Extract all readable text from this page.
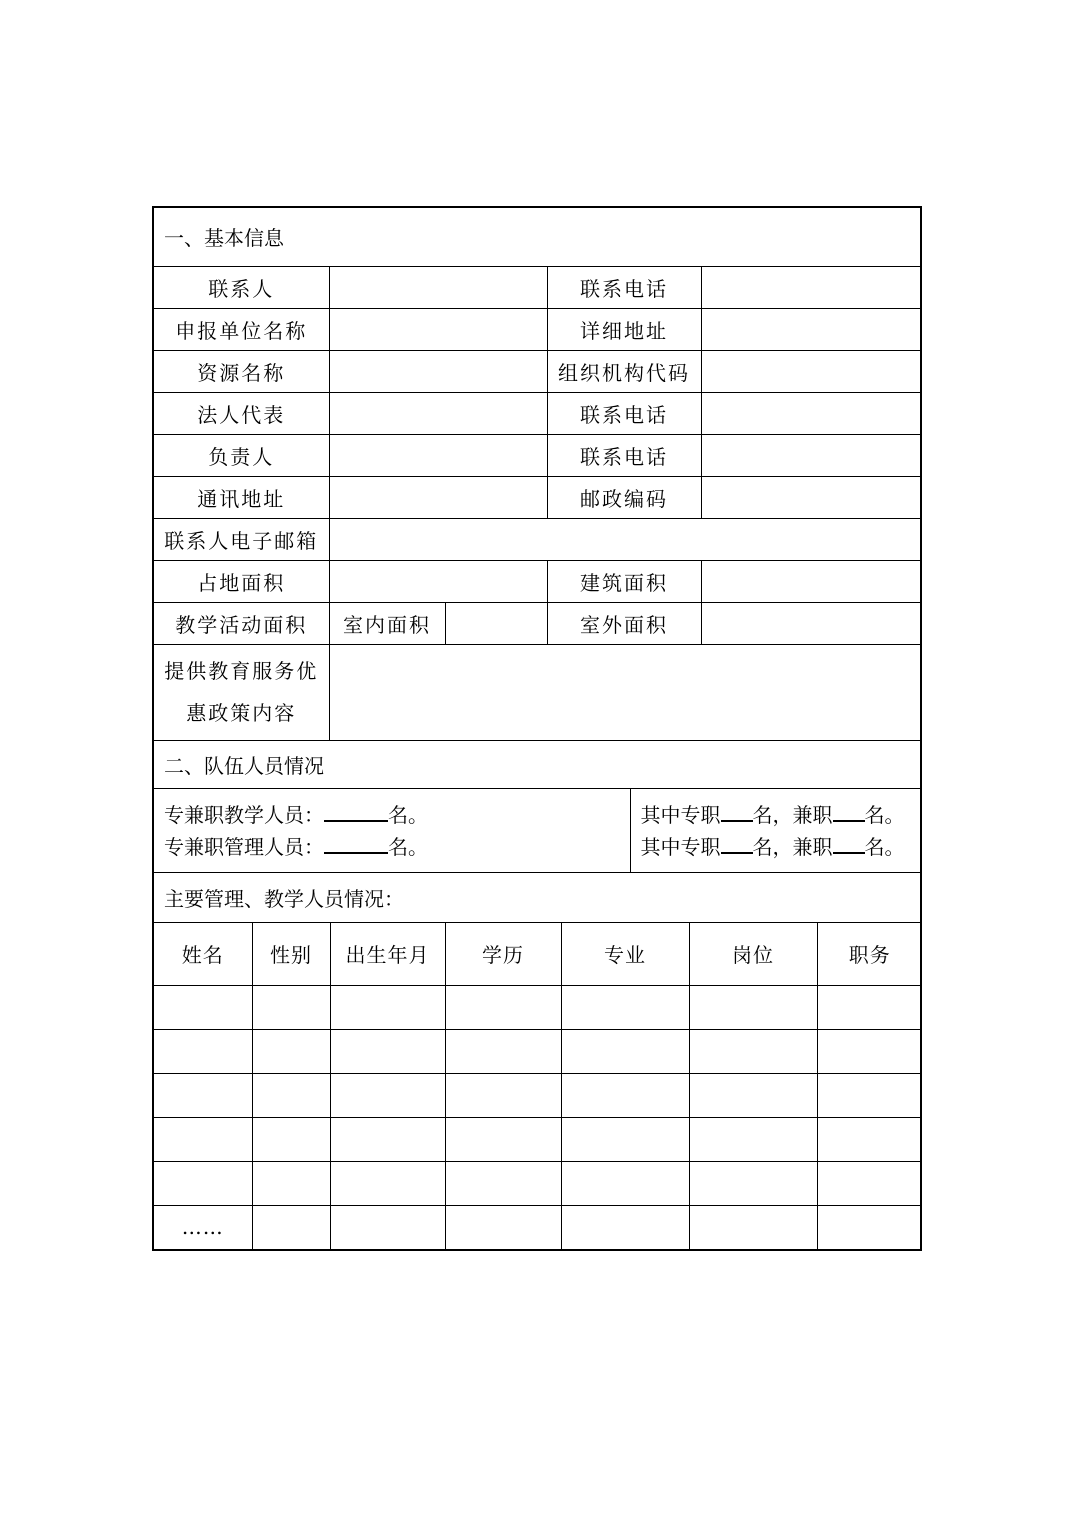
一、基本信息				
联系人			联系电话	
申报单位名称			详细地址	
资源名称			组织机构代码	
法人代表			联系电话	
负责人			联系电话	
通讯地址			邮政编码	
联系人电子邮箱				
占地面积			建筑面积	
教学活动面积	室内面积		室外面积	

提供教育服务优
惠政策内容				

二、队伍人员情况

专兼职教学人员：	名。
专兼职管理人员：	名。

其中专职 名，兼职 名。
其中专职 名，兼职 名。

主要管理、教学人员情况：
姓名	性别	出生年月	学历	专业	岗位	职务

……						
